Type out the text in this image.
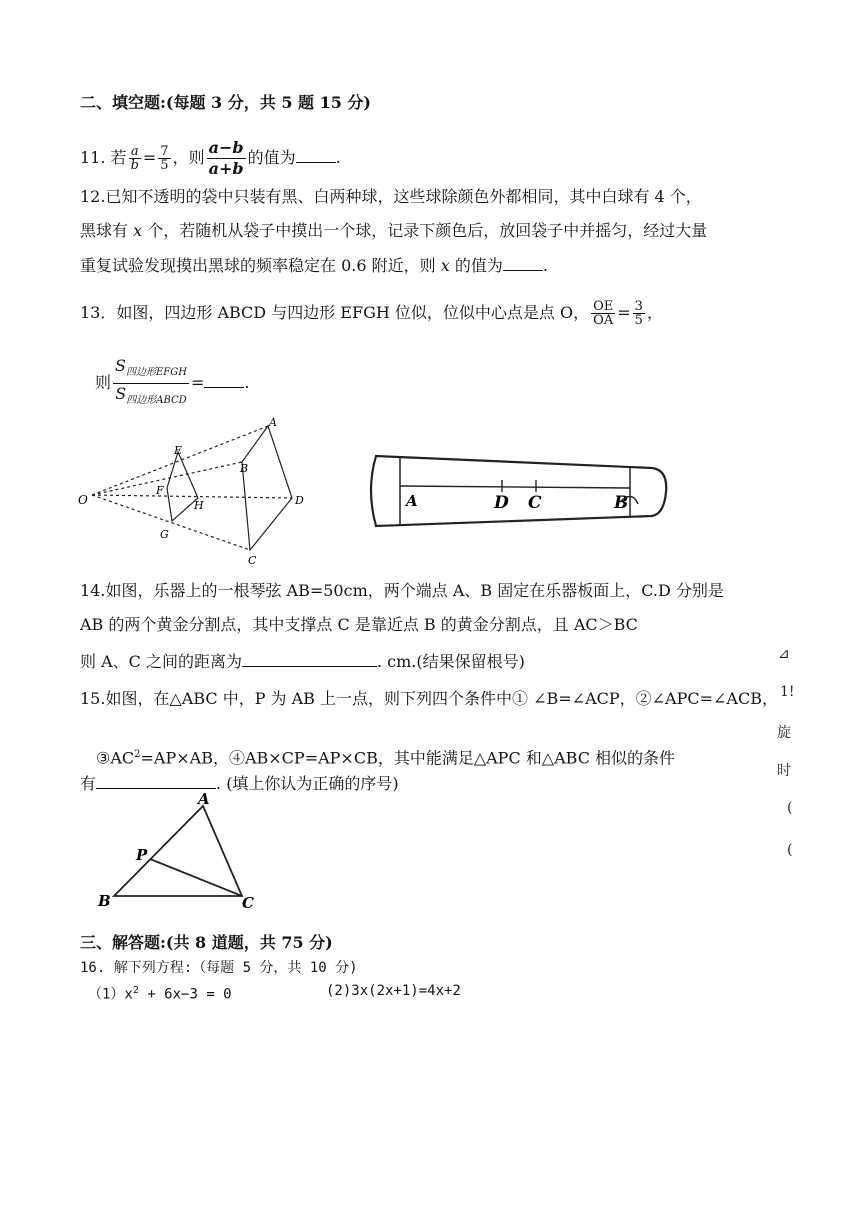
二、填空题:(每题 3 分，共 5 题 15 分)
11. 若 $\frac{a}{b} = \frac{7}{5}$ ，则 $\frac{a-b}{a+b}$ 的值为	.
12.已知不透明的袋中只装有黑、白两种球，这些球除颜色外都相同，其中白球有 4 个，
黑球有 x 个，若随机从袋子中摸出一个球，记录下颜色后，放回袋子中并摇匀，经过大量
重复试验发现摸出黑球的频率稳定在 0.6 附近，则 x 的值为	.
13．如图，四边形 ABCD 与四边形 EFGH 位似，位似中心点是点 O， $\frac{OE}{OA} = \frac{3}{5}$ ，
则 $\frac{S_{四边形EFGH}}{S_{四边形ABCD}}$ =	.
O
A
B
C
D
E
F
G
H	A	D C	B
14.如图，乐器上的一根琴弦 AB=50cm，两个端点 A、B 固定在乐器板面上，C.D 分别是
AB 的两个黄金分割点，其中支撑点 C 是靠近点 B 的黄金分割点，且 AC＞BC
则 A、C 之间的距离为	. cm.(结果保留根号)
15.如图，在△ABC 中，P 为 AB 上一点，则下列四个条件中① ∠B=∠ACP，②∠APC=∠ACB，
$③AC^2=AP\times AB$，④AB×CP=AP×CB，其中能满足△APC 和△ABC 相似的条件
有	. (填上你认为正确的序号)
A
P
B	C
三、解答题:(共 8 道题，共 75 分)
16. 解下列方程:（每题 5 分，共 10 分)
$(1)x^2 + 6x-3 = 0$	(2)3x(2x+1)=4x+2
⊿
1!
旋
时
(
(
